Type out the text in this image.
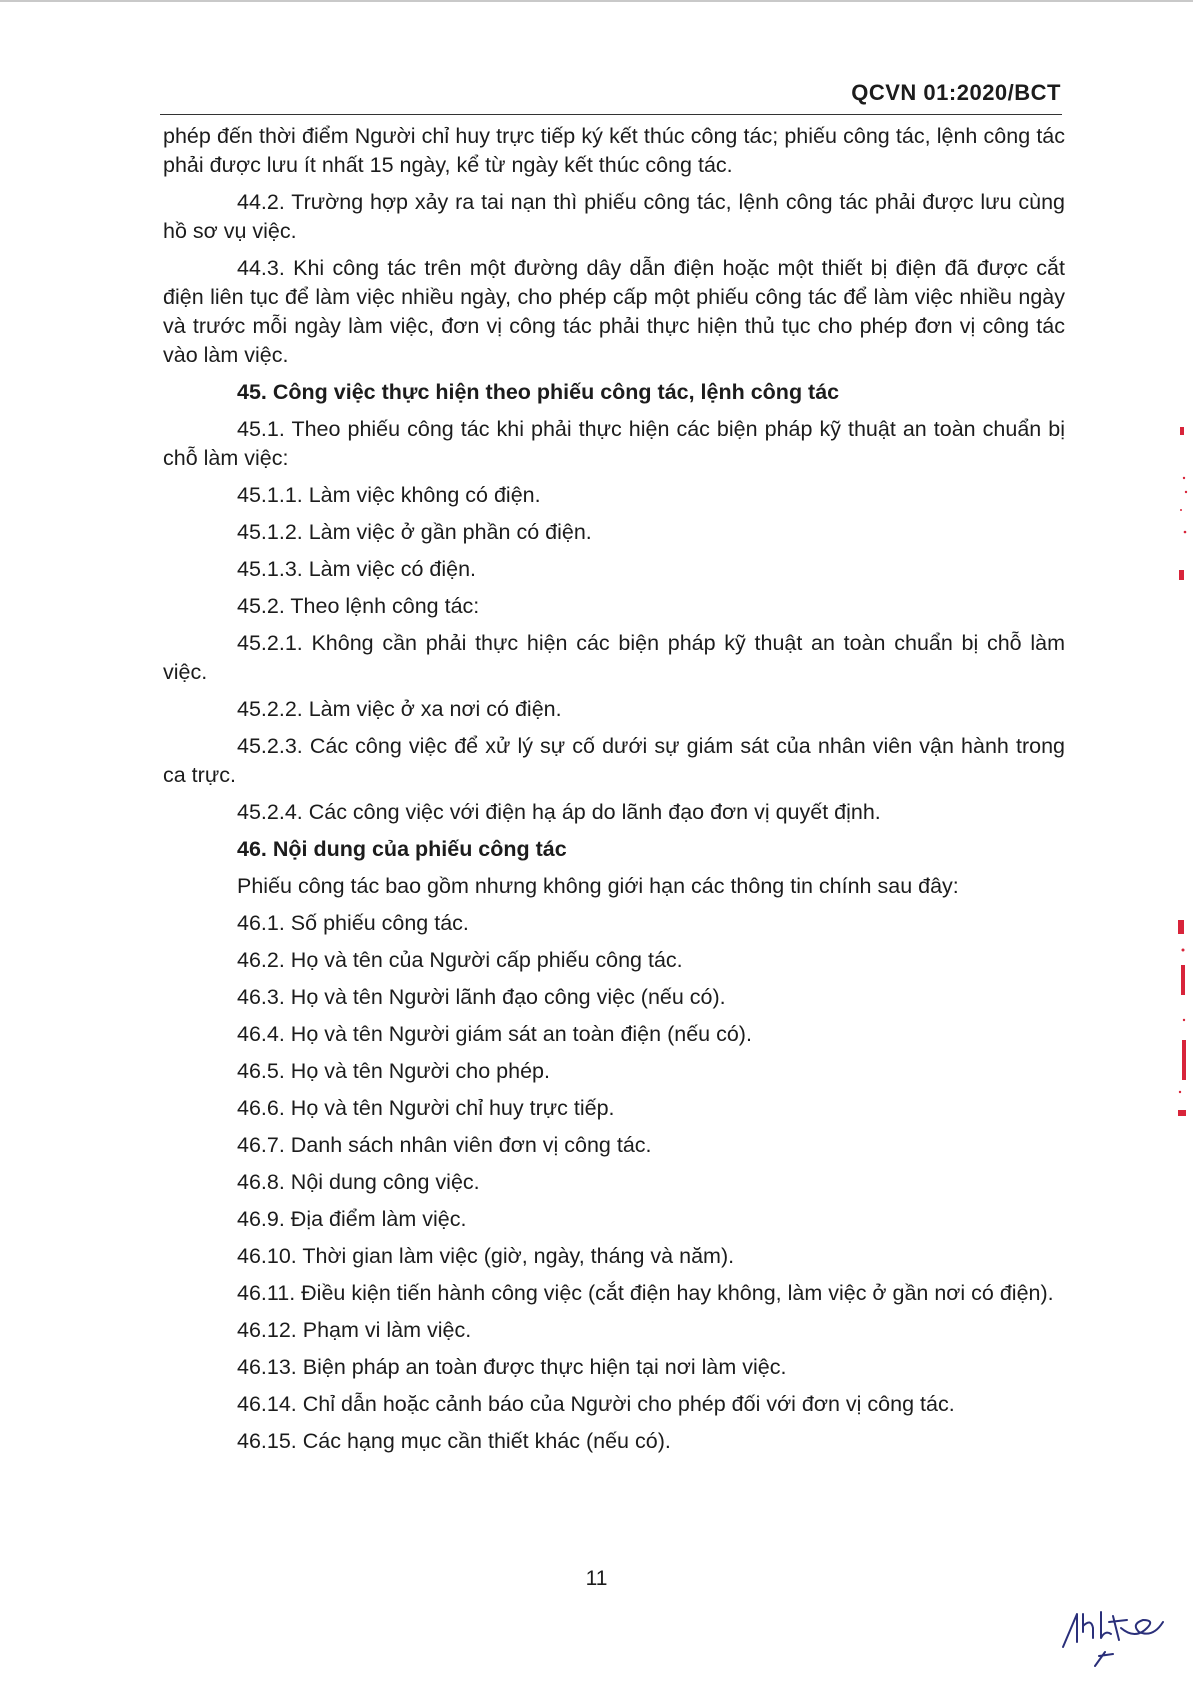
QCVN 01:2020/BCT

phép đến thời điểm Người chỉ huy trực tiếp ký kết thúc công tác; phiếu công tác, lệnh công tác phải được lưu ít nhất 15 ngày, kể từ ngày kết thúc công tác.

44.2. Trường hợp xảy ra tai nạn thì phiếu công tác, lệnh công tác phải được lưu cùng hồ sơ vụ việc.

44.3. Khi công tác trên một đường dây dẫn điện hoặc một thiết bị điện đã được cắt điện liên tục để làm việc nhiều ngày, cho phép cấp một phiếu công tác để làm việc nhiều ngày và trước mỗi ngày làm việc, đơn vị công tác phải thực hiện thủ tục cho phép đơn vị công tác vào làm việc.

45. Công việc thực hiện theo phiếu công tác, lệnh công tác

45.1. Theo phiếu công tác khi phải thực hiện các biện pháp kỹ thuật an toàn chuẩn bị chỗ làm việc:

45.1.1. Làm việc không có điện.

45.1.2. Làm việc ở gần phần có điện.

45.1.3. Làm việc có điện.

45.2. Theo lệnh công tác:

45.2.1. Không cần phải thực hiện các biện pháp kỹ thuật an toàn chuẩn bị chỗ làm việc.

45.2.2. Làm việc ở xa nơi có điện.

45.2.3. Các công việc để xử lý sự cố dưới sự giám sát của nhân viên vận hành trong ca trực.

45.2.4. Các công việc với điện hạ áp do lãnh đạo đơn vị quyết định.

46. Nội dung của phiếu công tác

Phiếu công tác bao gồm nhưng không giới hạn các thông tin chính sau đây:

46.1. Số phiếu công tác.

46.2. Họ và tên của Người cấp phiếu công tác.

46.3. Họ và tên Người lãnh đạo công việc (nếu có).

46.4. Họ và tên Người giám sát an toàn điện (nếu có).

46.5. Họ và tên Người cho phép.

46.6. Họ và tên Người chỉ huy trực tiếp.

46.7. Danh sách nhân viên đơn vị công tác.

46.8. Nội dung công việc.

46.9. Địa điểm làm việc.

46.10. Thời gian làm việc (giờ, ngày, tháng và năm).

46.11. Điều kiện tiến hành công việc (cắt điện hay không, làm việc ở gần nơi có điện).

46.12. Phạm vi làm việc.

46.13. Biện pháp an toàn được thực hiện tại nơi làm việc.

46.14. Chỉ dẫn hoặc cảnh báo của Người cho phép đối với đơn vị công tác.

46.15. Các hạng mục cần thiết khác (nếu có).

11
